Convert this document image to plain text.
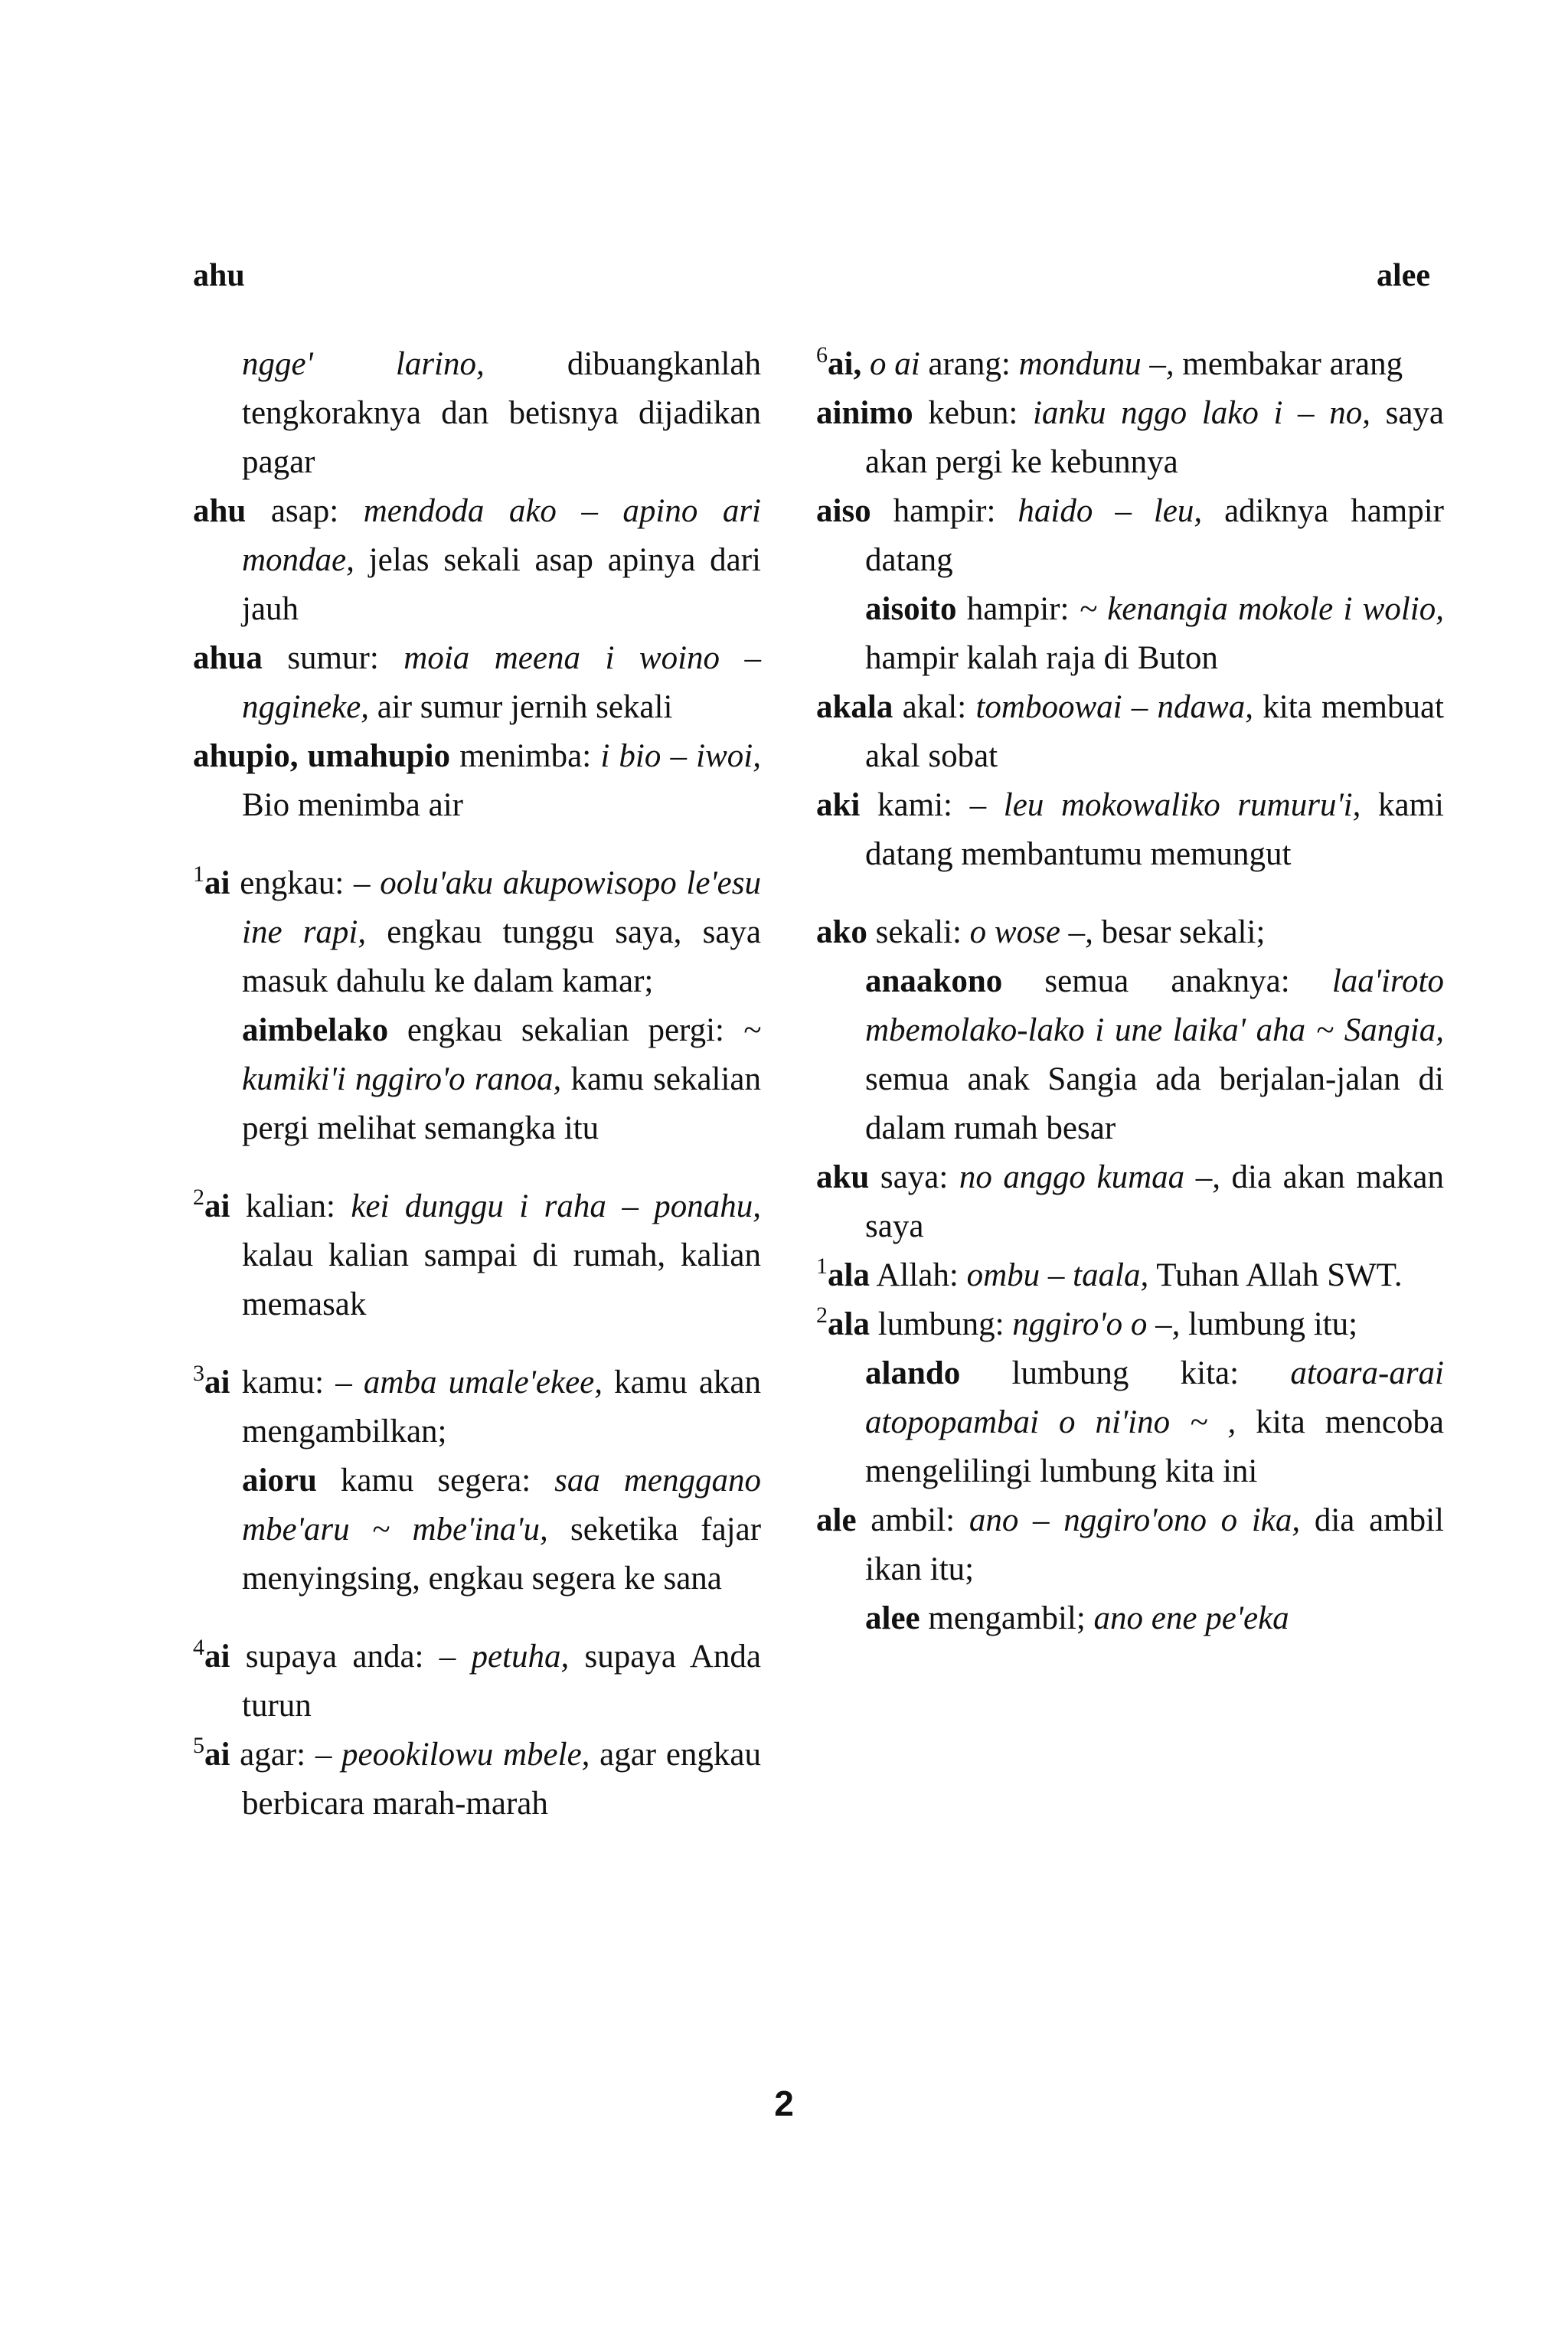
ahu	alee

ngge' larino, dibuangkanlah tengkoraknya dan betisnya dijadikan pagar

ahu asap: mendoda ako – apino ari mondae, jelas sekali asap apinya dari jauh

ahua sumur: moia meena i woino – nggineke, air sumur jernih sekali

ahupio, umahupio menimba: i bio – iwoi, Bio menimba air

$^1$ai engkau: – oolu'aku akupowisopo le'esu ine rapi, engkau tunggu saya, saya masuk dahulu ke dalam kamar;

aimbelako engkau sekalian pergi: ~ kumiki'i nggiro'o ranoa, kamu sekalian pergi melihat semangka itu

$^2$ai kalian: kei dunggu i raha – ponahu, kalau kalian sampai di rumah, kalian memasak

$^3$ai kamu: – amba umale'ekee, kamu akan mengambilkan;

aioru kamu segera: saa menggano mbe'aru ~ mbe'ina'u, seketika fajar menyingsing, engkau segera ke sana

$^4$ai supaya anda: – petuha, supaya Anda turun

$^5$ai agar: – peookilowu mbele, agar engkau berbicara marah-marah

$^6$ai, o ai arang: mondunu –, membakar arang

ainimo kebun: ianku nggo lako i – no, saya akan pergi ke kebunnya

aiso hampir: haido – leu, adiknya hampir datang

aisoito hampir: ~ kenangia mokole i wolio, hampir kalah raja di Buton

akala akal: tomboowai – ndawa, kita membuat akal sobat

aki kami: – leu mokowaliko rumuru'i, kami datang membantumu memungut

ako sekali: o wose –, besar sekali;

anaakono semua anaknya: laa'iroto mbemolako-lako i une laika' aha ~ Sangia, semua anak Sangia ada berjalan-jalan di dalam rumah besar

aku saya: no anggo kumaa –, dia akan makan saya

$^1$ala Allah: ombu – taala, Tuhan Allah SWT.

$^2$ala lumbung: nggiro'o o –, lumbung itu;

alando lumbung kita: atoara-arai atopopambai o ni'ino ~ , kita mencoba mengelilingi lumbung kita ini

ale ambil: ano – nggiro'ono o ika, dia ambil ikan itu;

alee mengambil; ano ene pe'eka

2
